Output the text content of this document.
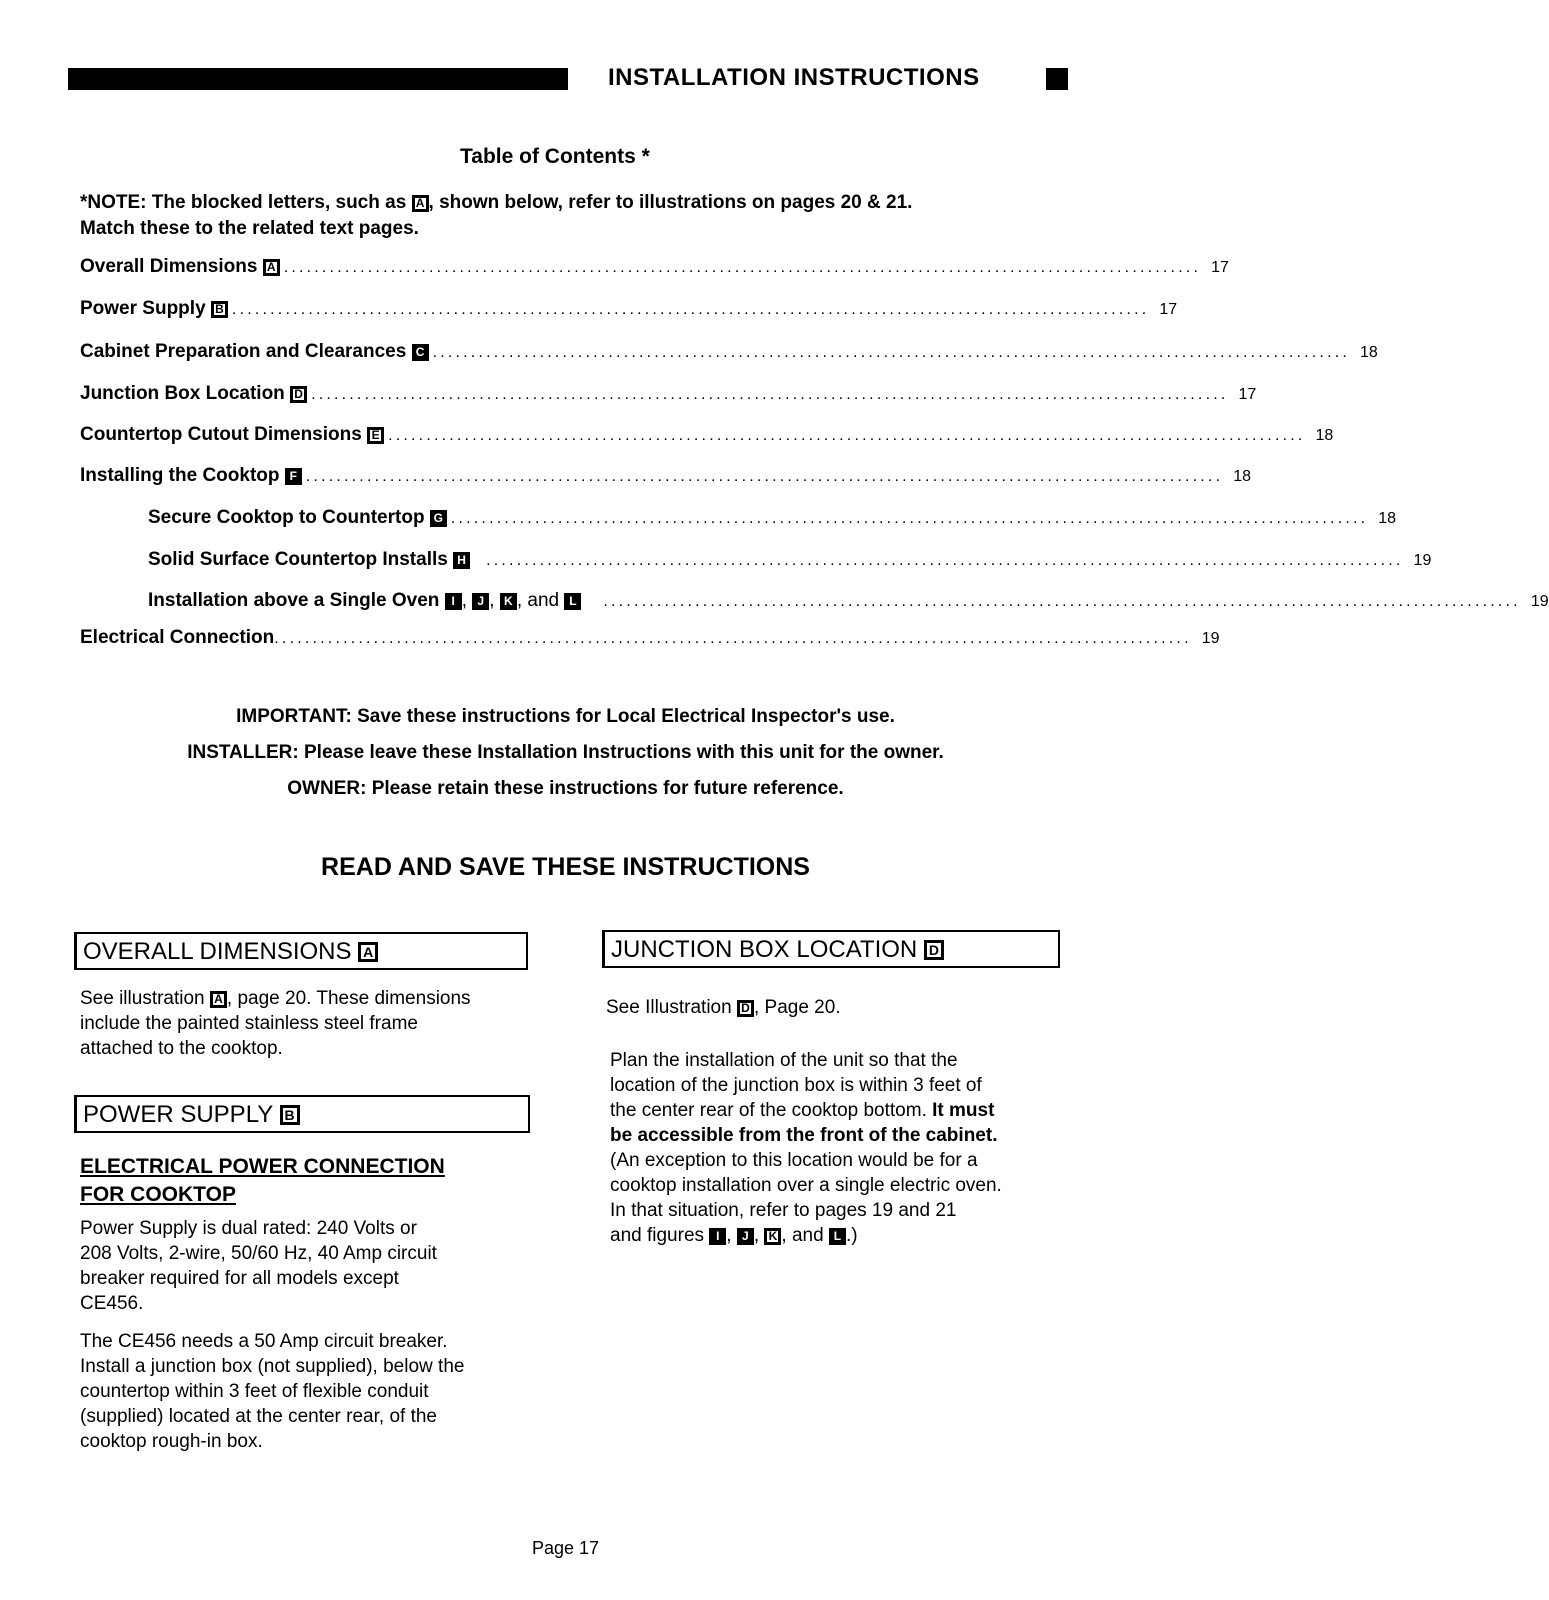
INSTALLATION INSTRUCTIONS
Table of Contents *
*NOTE: The blocked letters, such as A , shown below, refer to illustrations on pages 20 & 21.
Match these to the related text pages.
Overall Dimensions A ........................................................................................................................ 17
Power Supply B ........................................................................................................................ 17
Cabinet Preparation and Clearances C ........................................................................................................................ 18
Junction Box Location D ........................................................................................................................ 17
Countertop Cutout Dimensions E ........................................................................................................................ 18
Installing the Cooktop F ........................................................................................................................ 18
Secure Cooktop to Countertop G ........................................................................................................................ 18
Solid Surface Countertop Installs H ........................................................................................................................ 19
Installation above a Single Oven I , J , K , and L	........................................................................................................................ 19
Electrical Connection ........................................................................................................................ 19
IMPORTANT: Save these instructions for Local Electrical Inspector's use.
INSTALLER: Please leave these Installation Instructions with this unit for the owner.
OWNER: Please retain these instructions for future reference.
READ AND SAVE THESE INSTRUCTIONS
OVERALL DIMENSIONS A
See illustration A , page 20. These dimensions
include the painted stainless steel frame
attached to the cooktop.
POWER SUPPLY B
ELECTRICAL POWER CONNECTION
FOR COOKTOP
Power Supply is dual rated: 240 Volts or
208 Volts, 2-wire, 50/60 Hz, 40 Amp circuit
breaker required for all models except
CE456.
The CE456 needs a 50 Amp circuit breaker.
Install a junction box (not supplied), below the
countertop within 3 feet of flexible conduit
(supplied) located at the center rear, of the
cooktop rough-in box.
JUNCTION BOX LOCATION D
See Illustration D , Page 20.
Plan the installation of the unit so that the
location of the junction box is within 3 feet of
the center rear of the cooktop bottom. It must
be accessible from the front of the cabinet.
(An exception to this location would be for a
cooktop installation over a single electric oven.
In that situation, refer to pages 19 and 21
and figures I , J , K , and L .)
Page 17
